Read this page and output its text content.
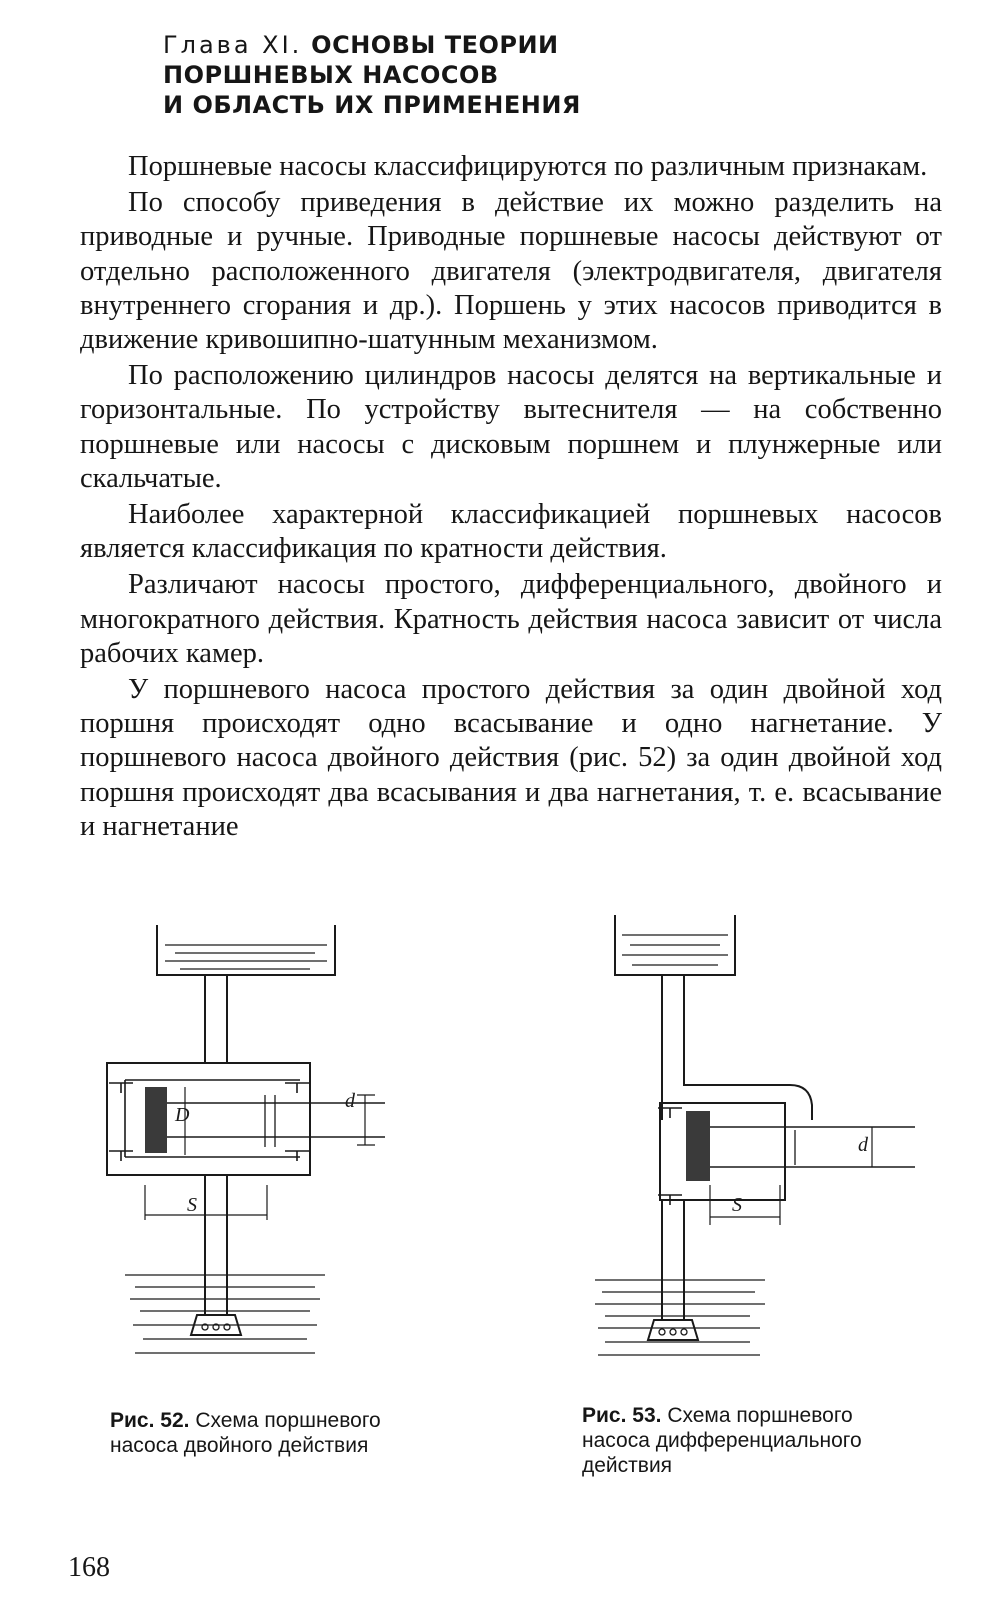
Глава XI. ОСНОВЫ ТЕОРИИ
ПОРШНЕВЫХ НАСОСОВ
И ОБЛАСТЬ ИХ ПРИМЕНЕНИЯ

Поршневые насосы классифицируются по различным признакам.

По способу приведения в действие их можно разделить на приводные и ручные. Приводные поршневые насосы действуют от отдельно расположенного двигателя (электродвигателя, двигателя внутреннего сгорания и др.). Поршень у этих насосов приводится в движение кривошипно-шатунным механизмом.

По расположению цилиндров насосы делятся на вертикальные и горизонтальные. По устройству вытеснителя — на собственно поршневые или насосы с дисковым поршнем и плунжерные или скальчатые.

Наиболее характерной классификацией поршневых насосов является классификация по кратности действия.

Различают насосы простого, дифференциального, двойного и многократного действия. Кратность действия насоса зависит от числа рабочих камер.

У поршневого насоса простого действия за один двойной ход поршня происходят одно всасывание и одно нагнетание. У поршневого насоса двойного действия (рис. 52) за один двойной ход поршня происходят два всасывания и два нагнетания, т. е. всасывание и нагнетание

D
d
S
d
S

Рис. 52. Схема поршневого насоса двойного действия

Рис. 53. Схема поршневого насоса дифференциального действия

168
